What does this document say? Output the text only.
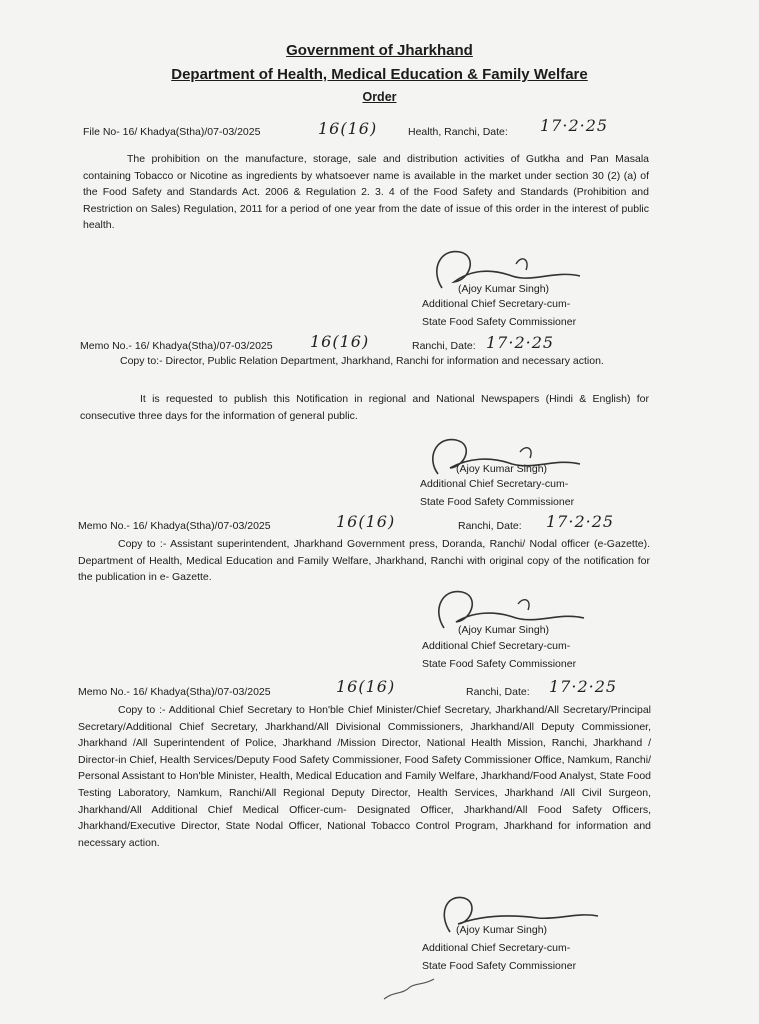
Government of Jharkhand
Department of Health, Medical Education & Family Welfare
Order
File No- 16/ Khadya(Stha)/07-03/2025	16(16)	Health, Ranchi, Date: 17·2·25
The prohibition on the manufacture, storage, sale and distribution activities of Gutkha and Pan Masala containing Tobacco or Nicotine as ingredients by whatsoever name is available in the market under section 30 (2) (a) of the Food Safety and Standards Act. 2006 & Regulation 2. 3. 4 of the Food Safety and Standards (Prohibition and Restriction on Sales) Regulation, 2011 for a period of one year from the date of issue of this order in the interest of public health.
(Ajoy Kumar Singh)
Additional Chief Secretary-cum-
State Food Safety Commissioner
Memo No.- 16/ Khadya(Stha)/07-03/2025 16(16)	Ranchi, Date: 17·2·25
Copy to:- Director, Public Relation Department, Jharkhand, Ranchi for information and necessary action.
It is requested to publish this Notification in regional and National Newspapers (Hindi & English) for consecutive three days for the information of general public.
(Ajoy Kumar Singh)
Additional Chief Secretary-cum-
State Food Safety Commissioner
Memo No.- 16/ Khadya(Stha)/07-03/2025	16(16)	Ranchi, Date: 17·2·25
Copy to :- Assistant superintendent, Jharkhand Government press, Doranda, Ranchi/ Nodal officer (e-Gazette). Department of Health, Medical Education and Family Welfare, Jharkhand, Ranchi with original copy of the notification for the publication in e- Gazette.
(Ajoy Kumar Singh)
Additional Chief Secretary-cum-
State Food Safety Commissioner
Memo No.- 16/ Khadya(Stha)/07-03/2025	16(16)	Ranchi, Date: 17·2·25
Copy to :- Additional Chief Secretary to Hon'ble Chief Minister/Chief Secretary, Jharkhand/All Secretary/Principal Secretary/Additional Chief Secretary, Jharkhand/All Divisional Commissioners, Jharkhand/All Deputy Commissioner, Jharkhand /All Superintendent of Police, Jharkhand /Mission Director, National Health Mission, Ranchi, Jharkhand / Director-in Chief, Health Services/Deputy Food Safety Commissioner, Food Safety Commissioner Office, Namkum, Ranchi/ Personal Assistant to Hon'ble Minister, Health, Medical Education and Family Welfare, Jharkhand/Food Analyst, State Food Testing Laboratory, Namkum, Ranchi/All Regional Deputy Director, Health Services, Jharkhand /All Civil Surgeon, Jharkhand/All Additional Chief Medical Officer-cum- Designated Officer, Jharkhand/All Food Safety Officers, Jharkhand/Executive Director, State Nodal Officer, National Tobacco Control Program, Jharkhand for information and necessary action.
(Ajoy Kumar Singh)
Additional Chief Secretary-cum-
State Food Safety Commissioner
